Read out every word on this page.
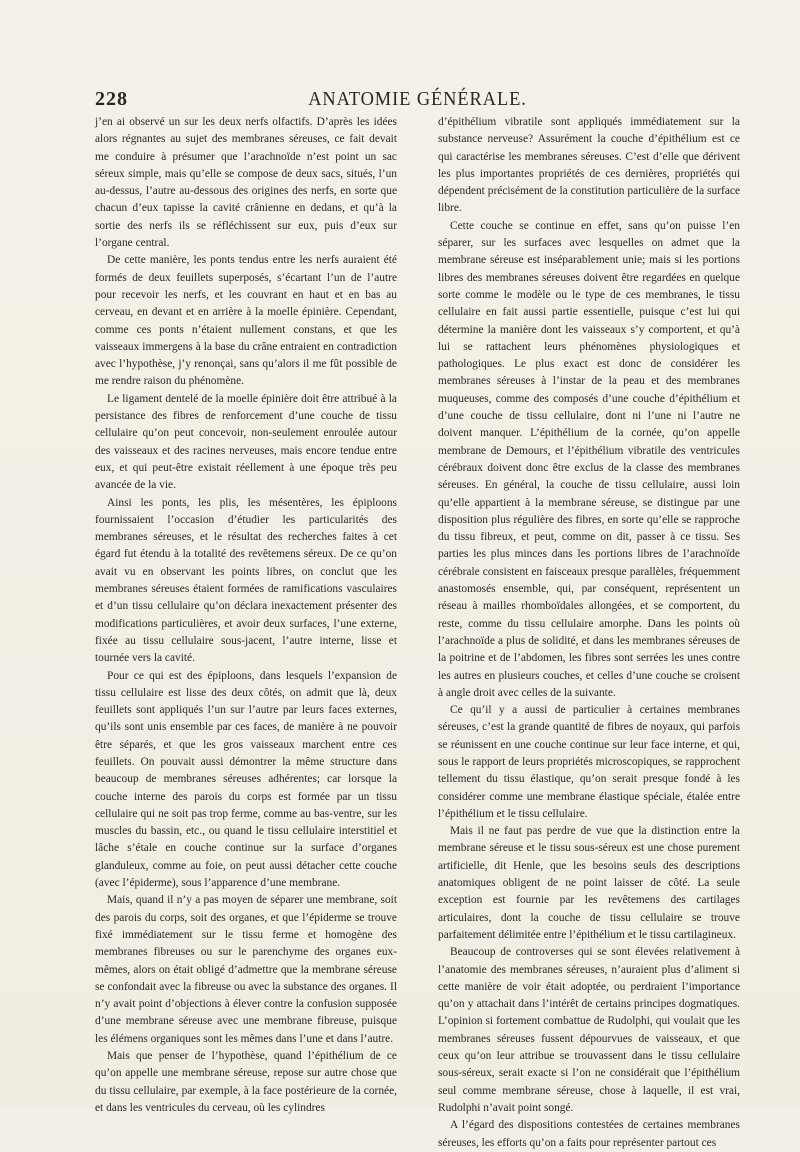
228	ANATOMIE GÉNÉRALE.

j’en ai observé un sur les deux nerfs olfactifs. D’après les idées alors régnantes au sujet des membranes séreuses, ce fait devait me conduire à présumer que l’arachnoïde n’est point un sac séreux simple, mais qu’elle se compose de deux sacs, situés, l’un au-dessus, l’autre au-dessous des origines des nerfs, en sorte que chacun d’eux tapisse la cavité crânienne en dedans, et qu’à la sortie des nerfs ils se réfléchissent sur eux, puis d’eux sur l’organe central.

De cette manière, les ponts tendus entre les nerfs auraient été formés de deux feuillets superposés, s’écartant l’un de l’autre pour recevoir les nerfs, et les couvrant en haut et en bas au cerveau, en devant et en arrière à la moelle épinière. Cependant, comme ces ponts n’étaient nullement constans, et que les vaisseaux immergens à la base du crâne entraient en contradiction avec l’hypothèse, j’y renonçai, sans qu’alors il me fût possible de me rendre raison du phénomène.

Le ligament dentelé de la moelle épinière doit être attribué à la persistance des fibres de renforcement d’une couche de tissu cellulaire qu’on peut concevoir, non-seulement enroulée autour des vaisseaux et des racines nerveuses, mais encore tendue entre eux, et qui peut-être existait réellement à une époque très peu avancée de la vie.

Ainsi les ponts, les plis, les mésentères, les épiploons fournissaient l’occasion d’étudier les particularités des membranes séreuses, et le résultat des recherches faites à cet égard fut étendu à la totalité des revêtemens séreux. De ce qu’on avait vu en observant les points libres, on conclut que les membranes séreuses étaient formées de ramifications vasculaires et d’un tissu cellulaire qu’on déclara inexactement présenter des modifications particulières, et avoir deux surfaces, l’une externe, fixée au tissu cellulaire sous-jacent, l’autre interne, lisse et tournée vers la cavité.

Pour ce qui est des épiploons, dans lesquels l’expansion de tissu cellulaire est lisse des deux côtés, on admit que là, deux feuillets sont appliqués l’un sur l’autre par leurs faces externes, qu’ils sont unis ensemble par ces faces, de manière à ne pouvoir être séparés, et que les gros vaisseaux marchent entre ces feuillets. On pouvait aussi démontrer la même structure dans beaucoup de membranes séreuses adhérentes; car lorsque la couche interne des parois du corps est formée par un tissu cellulaire qui ne soit pas trop ferme, comme au bas-ventre, sur les muscles du bassin, etc., ou quand le tissu cellulaire interstitiel et lâche s’étale en couche continue sur la surface d’organes glanduleux, comme au foie, on peut aussi détacher cette couche (avec l’épiderme), sous l’apparence d’une membrane.

Mais, quand il n’y a pas moyen de séparer une membrane, soit des parois du corps, soit des organes, et que l’épiderme se trouve fixé immédiatement sur le tissu ferme et homogène des membranes fibreuses ou sur le parenchyme des organes eux-mêmes, alors on était obligé d’admettre que la membrane séreuse se confondait avec la fibreuse ou avec la substance des organes. Il n’y avait point d’objections à élever contre la confusion supposée d’une membrane séreuse avec une membrane fibreuse, puisque les élémens organiques sont les mêmes dans l’une et dans l’autre.

Mais que penser de l’hypothèse, quand l’épithélium de ce qu’on appelle une membrane séreuse, repose sur autre chose que du tissu cellulaire, par exemple, à la face postérieure de la cornée, et dans les ventricules du cerveau, où les cylindres

d’épithélium vibratile sont appliqués immédiatement sur la substance nerveuse? Assurément la couche d’épithélium est ce qui caractérise les membranes séreuses. C’est d’elle que dérivent les plus importantes propriétés de ces dernières, propriétés qui dépendent précisément de la constitution particulière de la surface libre.

Cette couche se continue en effet, sans qu’on puisse l’en séparer, sur les surfaces avec lesquelles on admet que la membrane séreuse est inséparablement unie; mais si les portions libres des membranes séreuses doivent être regardées en quelque sorte comme le modèle ou le type de ces membranes, le tissu cellulaire en fait aussi partie essentielle, puisque c’est lui qui détermine la manière dont les vaisseaux s’y comportent, et qu’à lui se rattachent leurs phénomènes physiologiques et pathologiques. Le plus exact est donc de considérer les membranes séreuses à l’instar de la peau et des membranes muqueuses, comme des composés d’une couche d’épithélium et d’une couche de tissu cellulaire, dont ni l’une ni l’autre ne doivent manquer. L’épithélium de la cornée, qu’on appelle membrane de Demours, et l’épithélium vibratile des ventricules cérébraux doivent donc être exclus de la classe des membranes séreuses. En général, la couche de tissu cellulaire, aussi loin qu’elle appartient à la membrane séreuse, se distingue par une disposition plus régulière des fibres, en sorte qu’elle se rapproche du tissu fibreux, et peut, comme on dit, passer à ce tissu. Ses parties les plus minces dans les portions libres de l’arachnoïde cérébrale consistent en faisceaux presque parallèles, fréquemment anastomosés ensemble, qui, par conséquent, représentent un réseau à mailles rhomboïdales allongées, et se comportent, du reste, comme du tissu cellulaire amorphe. Dans les points où l’arachnoïde a plus de solidité, et dans les membranes séreuses de la poitrine et de l’abdomen, les fibres sont serrées les unes contre les autres en plusieurs couches, et celles d’une couche se croisent à angle droit avec celles de la suivante.

Ce qu’il y a aussi de particulier à certaines membranes séreuses, c’est la grande quantité de fibres de noyaux, qui parfois se réunissent en une couche continue sur leur face interne, et qui, sous le rapport de leurs propriétés microscopiques, se rapprochent tellement du tissu élastique, qu’on serait presque fondé à les considérer comme une membrane élastique spéciale, étalée entre l’épithélium et le tissu cellulaire.

Mais il ne faut pas perdre de vue que la distinction entre la membrane séreuse et le tissu sous-séreux est une chose purement artificielle, dit Henle, que les besoins seuls des descriptions anatomiques obligent de ne point laisser de côté. La seule exception est fournie par les revêtemens des cartilages articulaires, dont la couche de tissu cellulaire se trouve parfaitement délimitée entre l’épithélium et le tissu cartilagineux.

Beaucoup de controverses qui se sont élevées relativement à l’anatomie des membranes séreuses, n’auraient plus d’aliment si cette manière de voir était adoptée, ou perdraient l’importance qu’on y attachait dans l’intérêt de certains principes dogmatiques. L’opinion si fortement combattue de Rudolphi, qui voulait que les membranes séreuses fussent dépourvues de vaisseaux, et que ceux qu’on leur attribue se trouvassent dans le tissu cellulaire sous-séreux, serait exacte si l’on ne considérait que l’épithélium seul comme membrane séreuse, chose à laquelle, il est vrai, Rudolphi n’avait point songé.

A l’égard des dispositions contestées de certaines membranes séreuses, les efforts qu’on a faits pour représenter partout ces
